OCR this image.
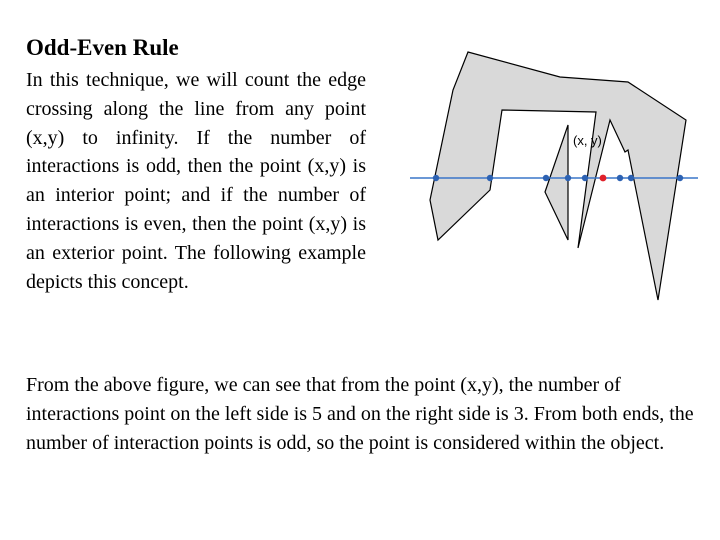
Odd-Even Rule
In this technique, we will count the edge crossing along the line from any point (x,y) to infinity. If the number of interactions is odd, then the point (x,y) is an interior point; and if the number of interactions is even, then the point (x,y) is an exterior point. The following example depicts this concept.
(x, y)
From the above figure, we can see that from the point (x,y), the number of interactions point on the left side is 5 and on the right side is 3. From both ends, the number of interaction points is odd, so the point is considered within the object.
